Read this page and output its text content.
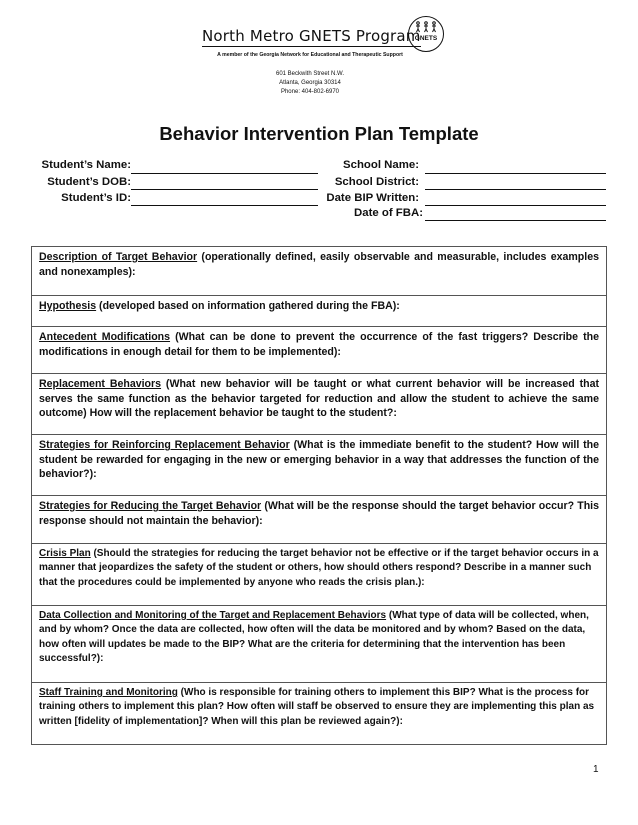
North Metro GNETS Program
GNETS
A member of the Georgia Network for Educational and Therapeutic Support
601 Beckwith Street N.W.
Atlanta, Georgia 30314
Phone: 404-802-6970
Behavior Intervention Plan Template
Student’s Name:
Student’s DOB:
Student’s ID:
School Name:
School District:
Date BIP Written:
Date of FBA:
Description of Target Behavior (operationally defined, easily observable and measurable, includes examples and nonexamples):
Hypothesis (developed based on information gathered during the FBA):
Antecedent Modifications (What can be done to prevent the occurrence of the fast triggers? Describe the modifications in enough detail for them to be implemented):
Replacement Behaviors (What new behavior will be taught or what current behavior will be increased that serves the same function as the behavior targeted for reduction and allow the student to achieve the same outcome) How will the replacement behavior be taught to the student?:
Strategies for Reinforcing Replacement Behavior (What is the immediate benefit to the student? How will the student be rewarded for engaging in the new or emerging behavior in a way that addresses the function of the behavior?):
Strategies for Reducing the Target Behavior (What will be the response should the target behavior occur? This response should not maintain the behavior):
Crisis Plan (Should the strategies for reducing the target behavior not be effective or if the target behavior occurs in a manner that jeopardizes the safety of the student or others, how should others respond? Describe in a manner such that the procedures could be implemented by anyone who reads the crisis plan.):
Data Collection and Monitoring of the Target and Replacement Behaviors (What type of data will be collected, when, and by whom? Once the data are collected, how often will the data be monitored and by whom? Based on the data, how often will updates be made to the BIP? What are the criteria for determining that the intervention has been successful?):
Staff Training and Monitoring (Who is responsible for training others to implement this BIP? What is the process for training others to implement this plan? How often will staff be observed to ensure they are implementing this plan as written [fidelity of implementation]? When will this plan be reviewed again?):
1
